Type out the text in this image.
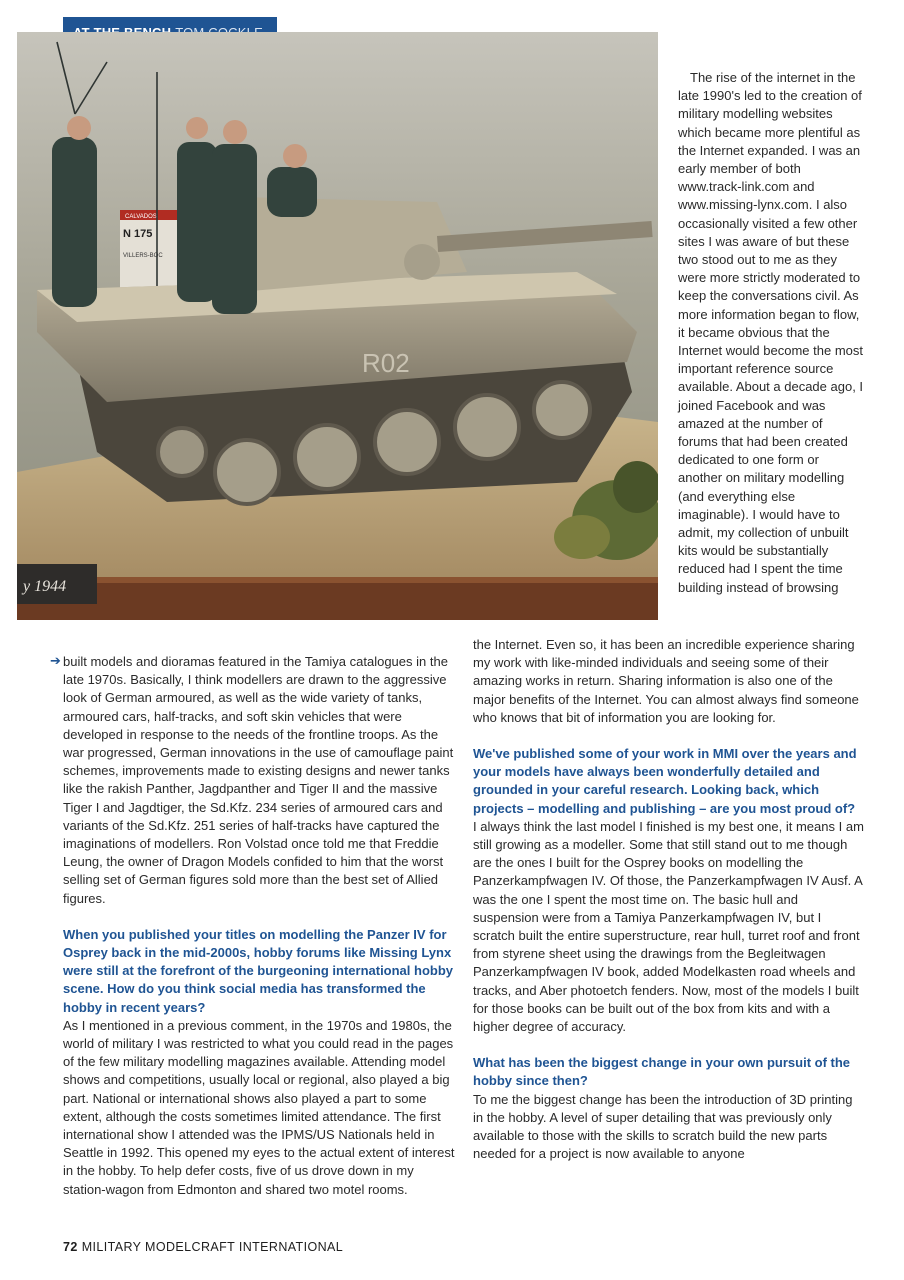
y 1944
CALVADOS
N 175
VILLERS-BOC
R02

The rise of the internet in the late 1990's led to the creation of military modelling websites which became more plentiful as the Internet expanded. I was an early member of both www.track-link.com and www.missing-lynx.com. I also occasionally visited a few other sites I was aware of but these two stood out to me as they were more strictly moderated to keep the conversations civil. As more information began to flow, it became obvious that the Internet would become the most important reference source available. About a decade ago, I joined Facebook and was amazed at the number of forums that had been created dedicated to one form or another on military modelling (and everything else imaginable). I would have to admit, my collection of unbuilt kits would be substantially reduced had I spent the time building instead of browsing

➔ built models and dioramas featured in the Tamiya catalogues in the late 1970s. Basically, I think modellers are drawn to the aggressive look of German armoured, as well as the wide variety of tanks, armoured cars, half-tracks, and soft skin vehicles that were developed in response to the needs of the frontline troops. As the war progressed, German innovations in the use of camouflage paint schemes, improvements made to existing designs and newer tanks like the rakish Panther, Jagdpanther and Tiger II and the massive Tiger I and Jagdtiger, the Sd.Kfz. 234 series of armoured cars and variants of the Sd.Kfz. 251 series of half-tracks have captured the imaginations of modellers. Ron Volstad once told me that Freddie Leung, the owner of Dragon Models confided to him that the worst selling set of German figures sold more than the best set of Allied figures.

When you published your titles on modelling the Panzer IV for Osprey back in the mid-2000s, hobby forums like Missing Lynx were still at the forefront of the burgeoning international hobby scene. How do you think social media has transformed the hobby in recent years?

As I mentioned in a previous comment, in the 1970s and 1980s, the world of military I was restricted to what you could read in the pages of the few military modelling magazines available. Attending model shows and competitions, usually local or regional, also played a big part. National or international shows also played a part to some extent, although the costs sometimes limited attendance. The first international show I attended was the IPMS/US Nationals held in Seattle in 1992. This opened my eyes to the actual extent of interest in the hobby. To help defer costs, five of us drove down in my station-wagon from Edmonton and shared two motel rooms.

the Internet. Even so, it has been an incredible experience sharing my work with like-minded individuals and seeing some of their amazing works in return. Sharing information is also one of the major benefits of the Internet. You can almost always find someone who knows that bit of information you are looking for.

We've published some of your work in MMI over the years and your models have always been wonderfully detailed and grounded in your careful research. Looking back, which projects – modelling and publishing – are you most proud of?

I always think the last model I finished is my best one, it means I am still growing as a modeller. Some that still stand out to me though are the ones I built for the Osprey books on modelling the Panzerkampfwagen IV. Of those, the Panzerkampfwagen IV Ausf. A was the one I spent the most time on. The basic hull and suspension were from a Tamiya Panzerkampfwagen IV, but I scratch built the entire superstructure, rear hull, turret roof and front from styrene sheet using the drawings from the Begleitwagen Panzerkampfwagen IV book, added Modelkasten road wheels and tracks, and Aber photoetch fenders. Now, most of the models I built for those books can be built out of the box from kits and with a higher degree of accuracy.

What has been the biggest change in your own pursuit of the hobby since then?

To me the biggest change has been the introduction of 3D printing in the hobby. A level of super detailing that was previously only available to those with the skills to scratch build the new parts needed for a project is now available to anyone

72 MILITARY MODELCRAFT INTERNATIONAL
